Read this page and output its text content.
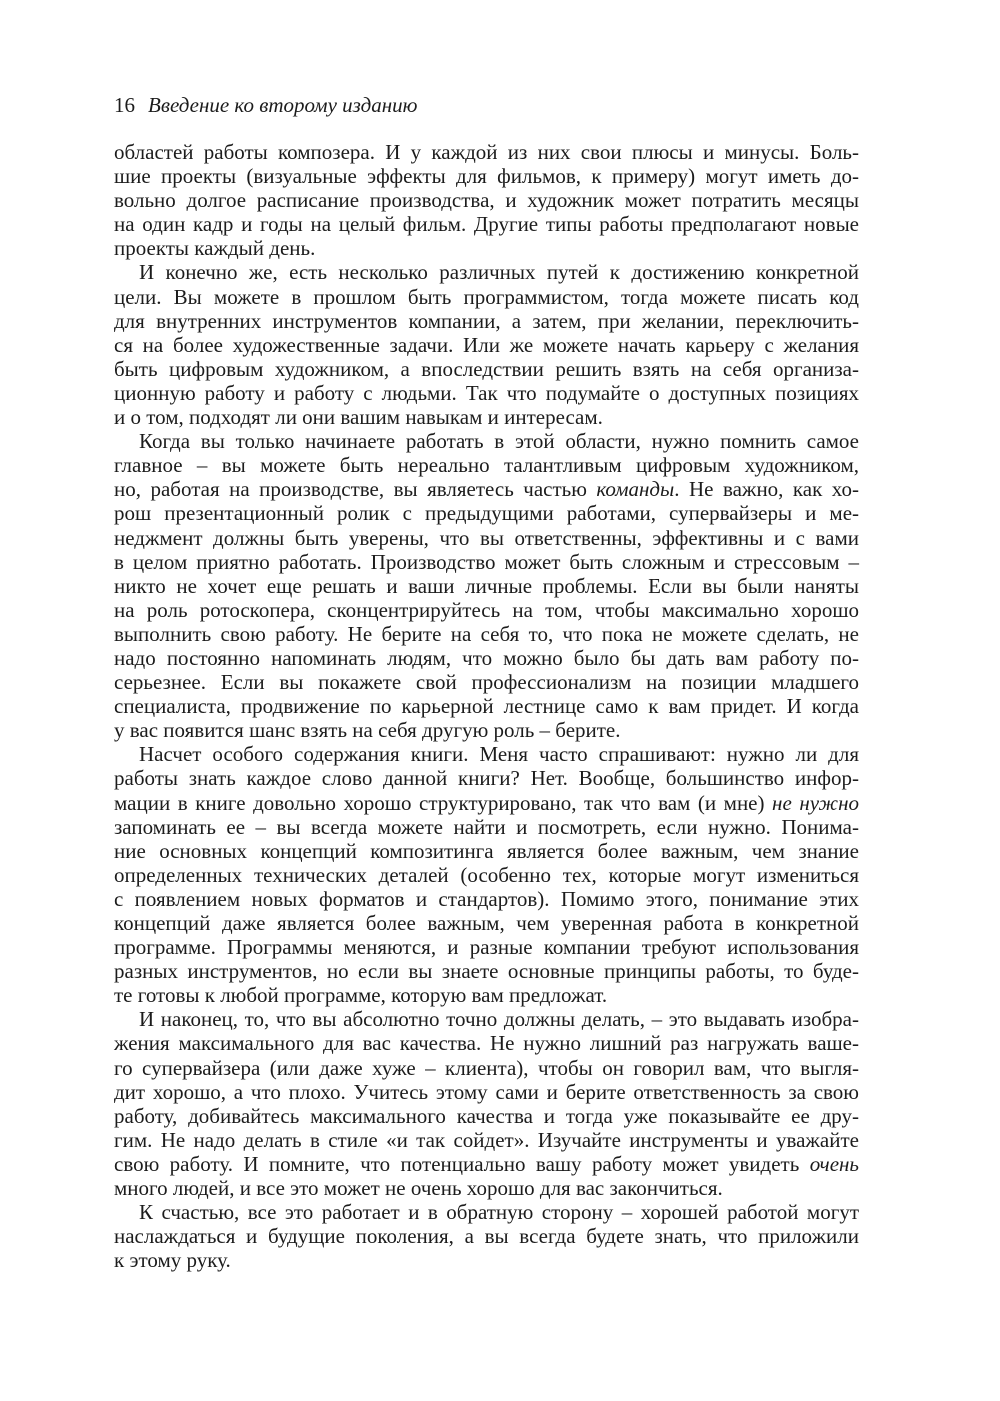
16 Введение ко второму изданию
областей работы композера. И у каждой из них свои плюсы и минусы. Боль-
шие проекты (визуальные эффекты для фильмов, к примеру) могут иметь до-
вольно долгое расписание производства, и художник может потратить месяцы
на один кадр и годы на целый фильм. Другие типы работы предполагают новые
проекты каждый день.
И конечно же, есть несколько различных путей к достижению конкретной
цели. Вы можете в прошлом быть программистом, тогда можете писать код
для внутренних инструментов компании, а затем, при желании, переключить-
ся на более художественные задачи. Или же можете начать карьеру с желания
быть цифровым художником, а впоследствии решить взять на себя организа-
ционную работу и работу с людьми. Так что подумайте о доступных позициях
и о том, подходят ли они вашим навыкам и интересам.
Когда вы только начинаете работать в этой области, нужно помнить самое
главное – вы можете быть нереально талантливым цифровым художником,
но, работая на производстве, вы являетесь частью команды. Не важно, как хо-
рош презентационный ролик с предыдущими работами, супервайзеры и ме-
неджмент должны быть уверены, что вы ответственны, эффективны и с вами
в целом приятно работать. Производство может быть сложным и стрессовым –
никто не хочет еще решать и ваши личные проблемы. Если вы были наняты
на роль ротоскопера, сконцентрируйтесь на том, чтобы максимально хорошо
выполнить свою работу. Не берите на себя то, что пока не можете сделать, не
надо постоянно напоминать людям, что можно было бы дать вам работу по-
серьезнее. Если вы покажете свой профессионализм на позиции младшего
специалиста, продвижение по карьерной лестнице само к вам придет. И когда
у вас появится шанс взять на себя другую роль – берите.
Насчет особого содержания книги. Меня часто спрашивают: нужно ли для
работы знать каждое слово данной книги? Нет. Вообще, большинство инфор-
мации в книге довольно хорошо структурировано, так что вам (и мне) не нужно
запоминать ее – вы всегда можете найти и посмотреть, если нужно. Понима-
ние основных концепций композитинга является более важным, чем знание
определенных технических деталей (особенно тех, которые могут измениться
с появлением новых форматов и стандартов). Помимо этого, понимание этих
концепций даже является более важным, чем уверенная работа в конкретной
программе. Программы меняются, и разные компании требуют использования
разных инструментов, но если вы знаете основные принципы работы, то буде-
те готовы к любой программе, которую вам предложат.
И наконец, то, что вы абсолютно точно должны делать, – это выдавать изобра-
жения максимального для вас качества. Не нужно лишний раз нагружать ваше-
го супервайзера (или даже хуже – клиента), чтобы он говорил вам, что выгля-
дит хорошо, а что плохо. Учитесь этому сами и берите ответственность за свою
работу, добивайтесь максимального качества и тогда уже показывайте ее дру-
гим. Не надо делать в стиле «и так сойдет». Изучайте инструменты и уважайте
свою работу. И помните, что потенциально вашу работу может увидеть очень
много людей, и все это может не очень хорошо для вас закончиться.
К счастью, все это работает и в обратную сторону – хорошей работой могут
наслаждаться и будущие поколения, а вы всегда будете знать, что приложили
к этому руку.
